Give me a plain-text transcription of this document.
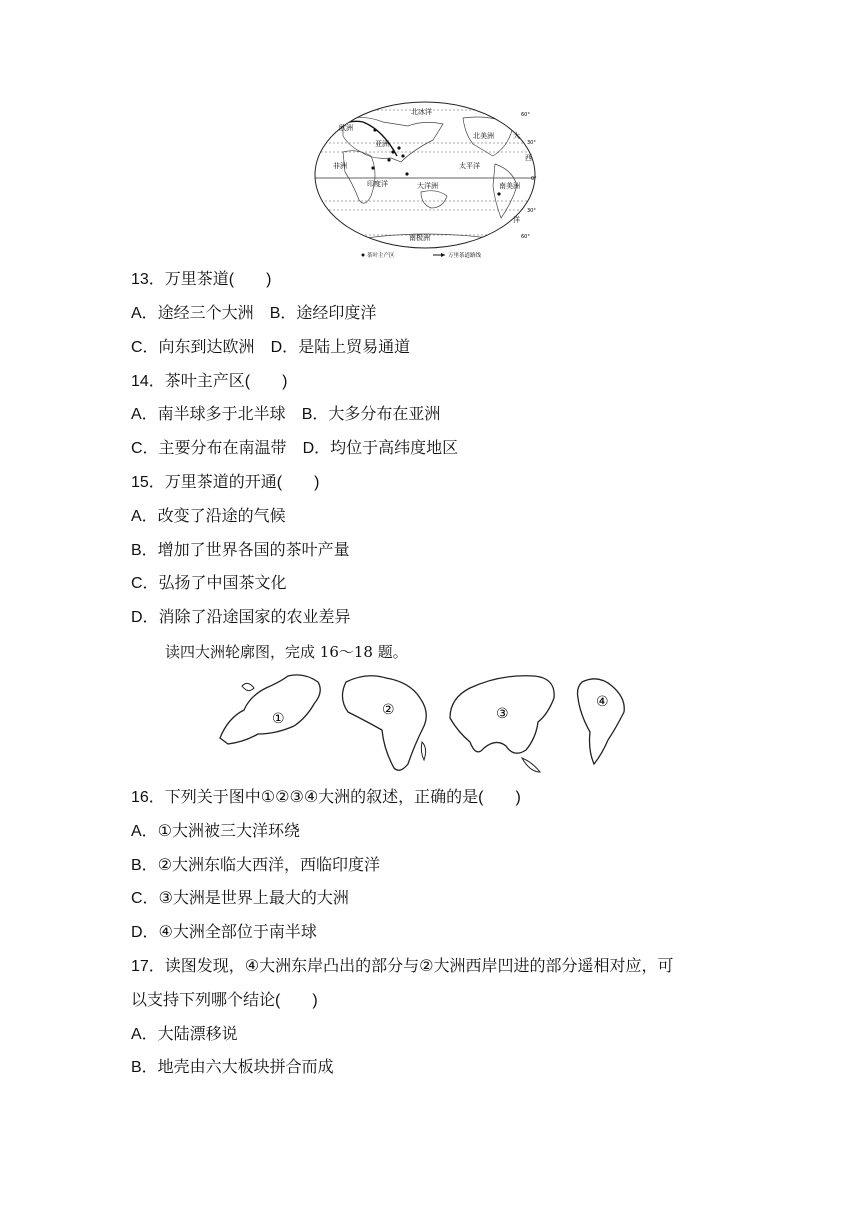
北冰洋
欧洲
亚洲
非洲
北美洲
南美洲
大洋洲
南极洲
印度洋
太平洋
大
西
洋
60°
30°
0°
30°
60°
茶叶主产区	万里茶道路线
13．万里茶道(　　)
A．途经三个大洲　 B．途经印度洋
C．向东到达欧洲　 D．是陆上贸易通道
14．茶叶主产区(　　)
A．南半球多于北半球　 B．大多分布在亚洲
C．主要分布在南温带　 D．均位于高纬度地区
15．万里茶道的开通(　　)
A．改变了沿途的气候
B．增加了世界各国的茶叶产量
C．弘扬了中国茶文化
D．消除了沿途国家的农业差异
读四大洲轮廓图，完成 16～18 题。
①
②	③
④
16．下列关于图中①②③④大洲的叙述，正确的是(　　)
A．①大洲被三大洋环绕
B．②大洲东临大西洋，西临印度洋
C．③大洲是世界上最大的大洲
D．④大洲全部位于南半球
17．读图发现，④大洲东岸凸出的部分与②大洲西岸凹进的部分遥相对应，可
以支持下列哪个结论(　　)
A．大陆漂移说
B．地壳由六大板块拼合而成
